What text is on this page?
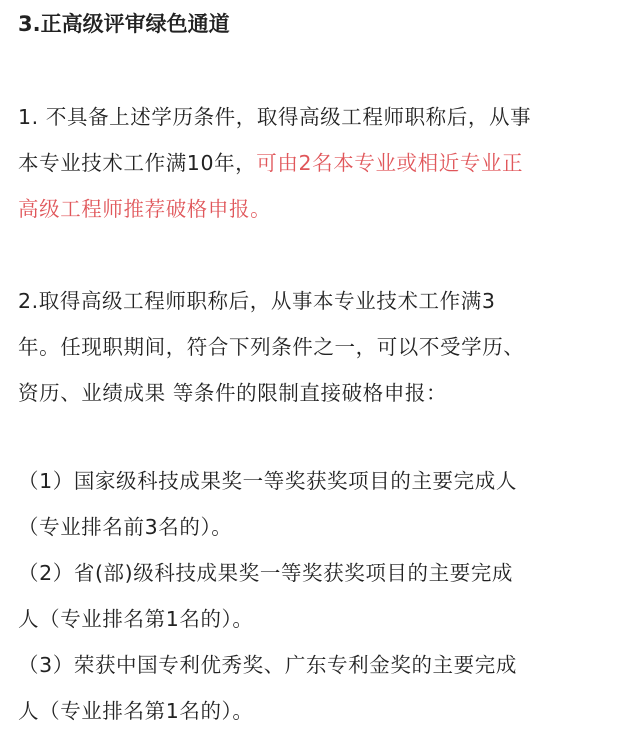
3.正高级评审绿色通道
1. 不具备上述学历条件，取得高级工程师职称后，从事
本专业技术工作满10年，可由2名本专业或相近专业正
高级工程师推荐破格申报。
2.取得高级工程师职称后，从事本专业技术工作满3
年。任现职期间，符合下列条件之一，可以不受学历、
资历、业绩成果 等条件的限制直接破格申报：
（1）国家级科技成果奖一等奖获奖项目的主要完成人
（专业排名前3名的）。
（2）省(部)级科技成果奖一等奖获奖项目的主要完成
人（专业排名第1名的）。
（3）荣获中国专利优秀奖、广东专利金奖的主要完成
人（专业排名第1名的）。
